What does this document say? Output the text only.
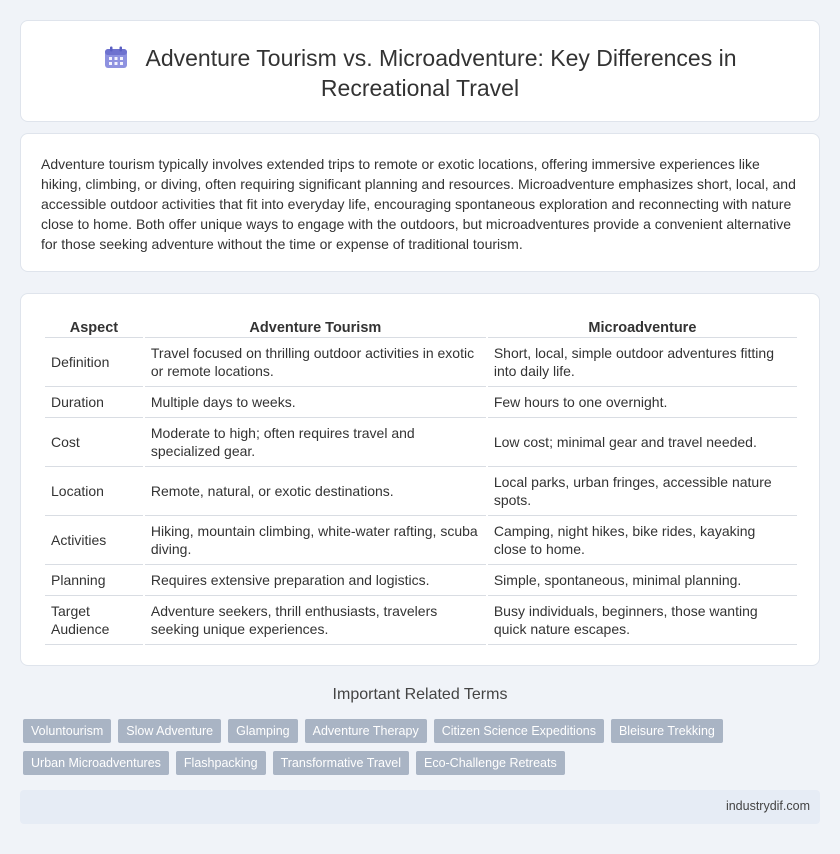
Adventure Tourism vs. Microadventure: Key Differences in
Recreational Travel

Adventure tourism typically involves extended trips to remote or exotic locations, offering immersive experiences like hiking, climbing, or diving, often requiring significant planning and resources. Microadventure emphasizes short, local, and accessible outdoor activities that fit into everyday life, encouraging spontaneous exploration and reconnecting with nature close to home. Both offer unique ways to engage with the outdoors, but microadventures provide a convenient alternative for those seeking adventure without the time or expense of traditional tourism.

Aspect	Adventure Tourism	Microadventure
Definition	Travel focused on thrilling outdoor activities in exotic or remote locations.	Short, local, simple outdoor adventures fitting into daily life.
Duration	Multiple days to weeks.	Few hours to one overnight.
Cost	Moderate to high; often requires travel and specialized gear.	Low cost; minimal gear and travel needed.
Location	Remote, natural, or exotic destinations.	Local parks, urban fringes, accessible nature spots.
Activities	Hiking, mountain climbing, white-water rafting, scuba diving.	Camping, night hikes, bike rides, kayaking close to home.
Planning	Requires extensive preparation and logistics.	Simple, spontaneous, minimal planning.
Target Audience	Adventure seekers, thrill enthusiasts, travelers seeking unique experiences.	Busy individuals, beginners, those wanting quick nature escapes.
Important Related Terms
Voluntourism	Slow Adventure	Glamping	Adventure Therapy	Citizen Science Expeditions	Bleisure Trekking
Urban Microadventures	Flashpacking	Transformative Travel	Eco-Challenge Retreats
industrydif.com
